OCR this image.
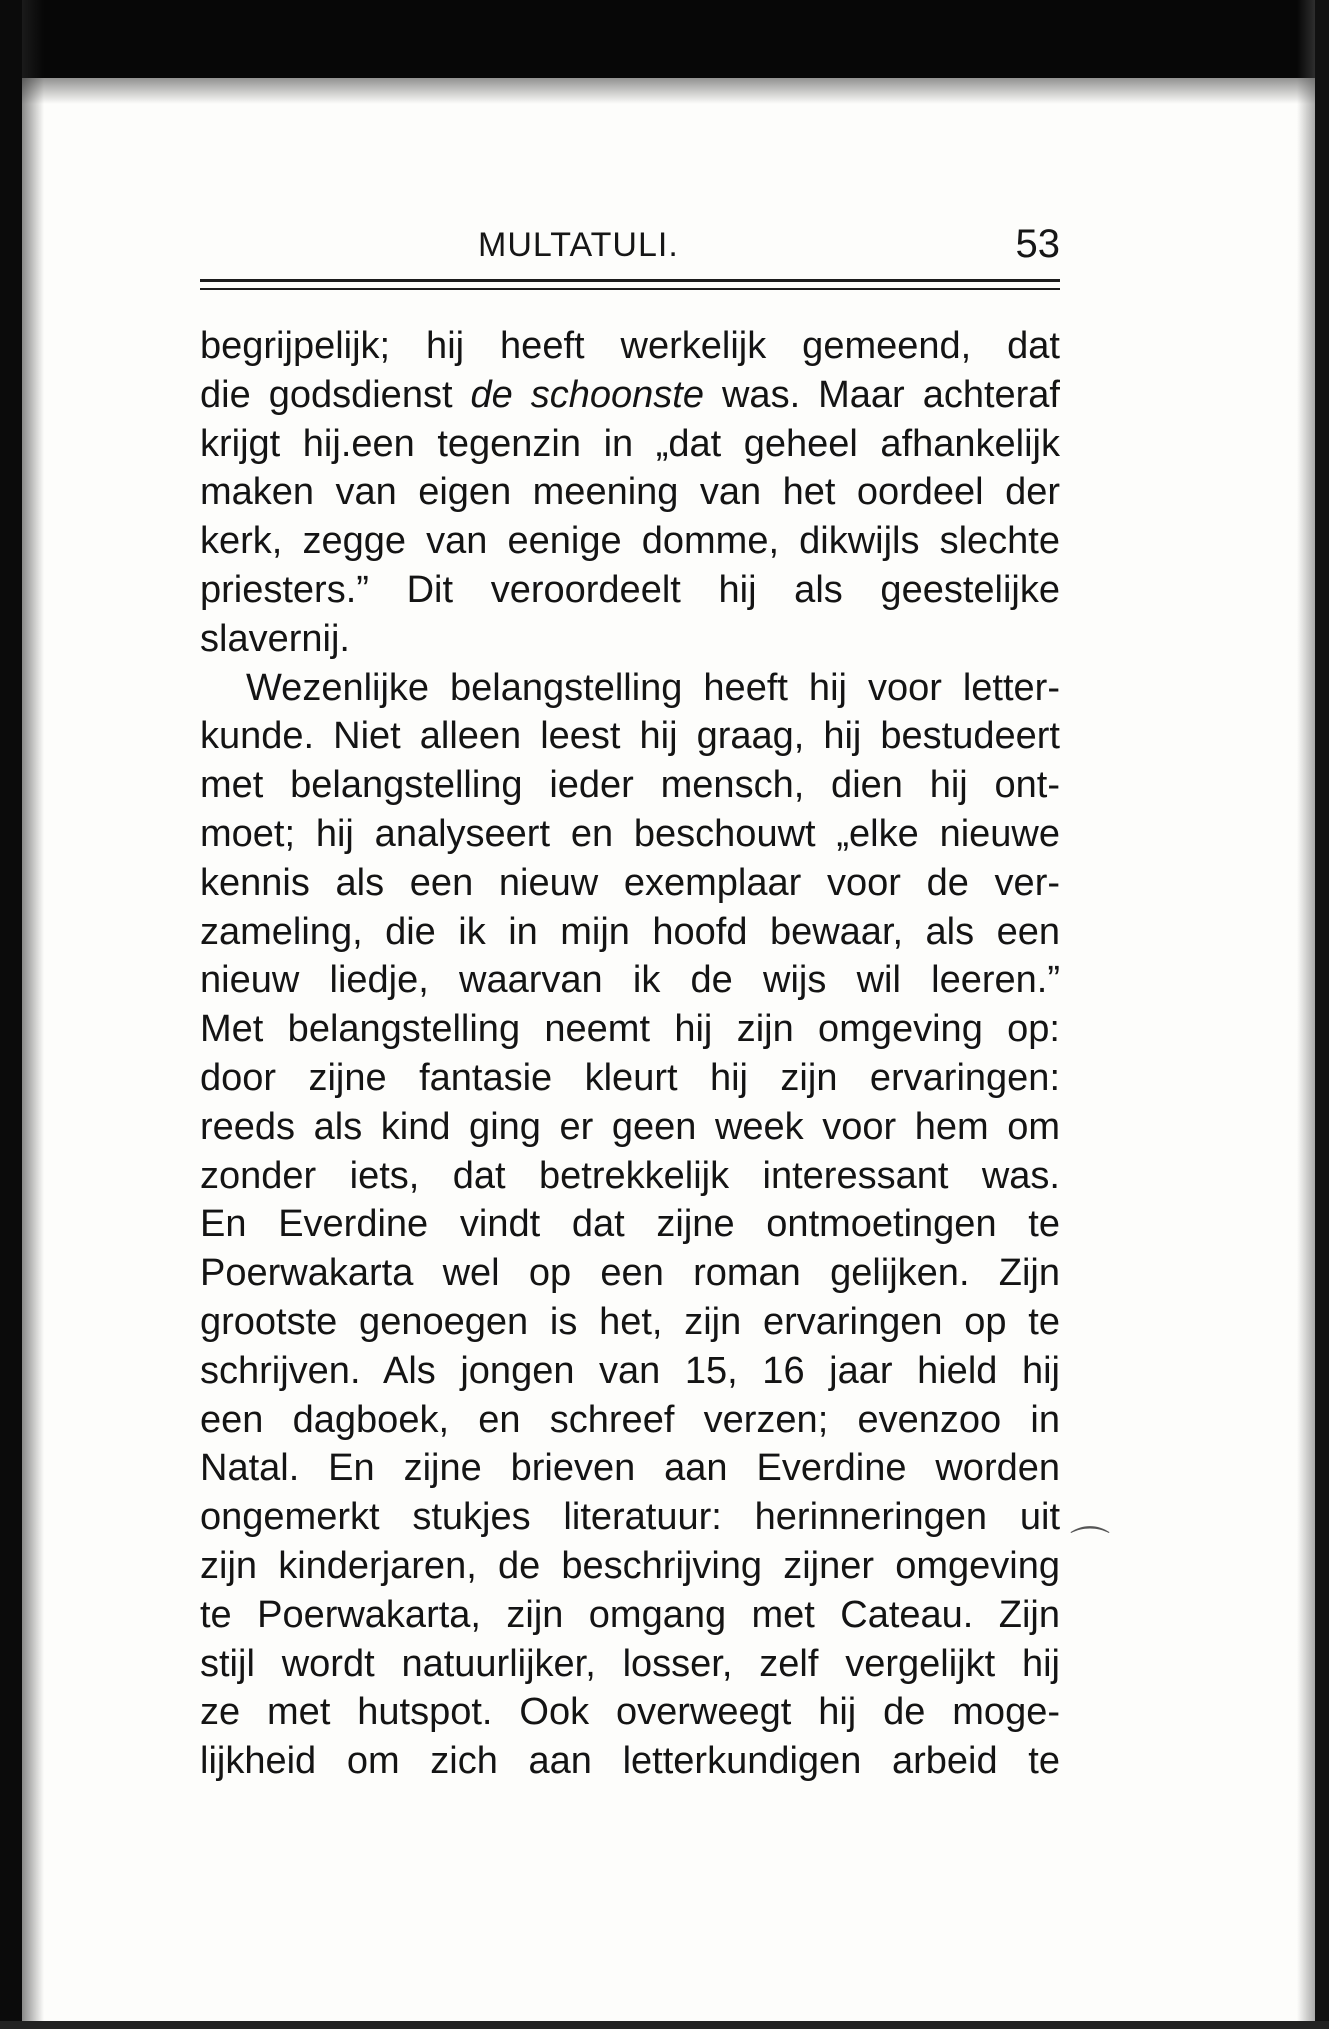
MULTATULI.	53
begrijpelijk; hij heeft werkelijk gemeend, dat
die godsdienst de schoonste was. Maar achteraf
krijgt hij.een tegenzin in „dat geheel afhankelijk
maken van eigen meening van het oordeel der
kerk, zegge van eenige domme, dikwijls slechte
priesters.” Dit veroordeelt hij als geestelijke
slavernij.
Wezenlijke belangstelling heeft hij voor letter-
kunde. Niet alleen leest hij graag, hij bestudeert
met belangstelling ieder mensch, dien hij ont-
moet; hij analyseert en beschouwt „elke nieuwe
kennis als een nieuw exemplaar voor de ver-
zameling, die ik in mijn hoofd bewaar, als een
nieuw liedje, waarvan ik de wijs wil leeren.”
Met belangstelling neemt hij zijn omgeving op:
door zijne fantasie kleurt hij zijn ervaringen:
reeds als kind ging er geen week voor hem om
zonder iets, dat betrekkelijk interessant was.
En Everdine vindt dat zijne ontmoetingen te
Poerwakarta wel op een roman gelijken. Zijn
grootste genoegen is het, zijn ervaringen op te
schrijven. Als jongen van 15, 16 jaar hield hij
een dagboek, en schreef verzen; evenzoo in
Natal. En zijne brieven aan Everdine worden
ongemerkt stukjes literatuur: herinneringen uit
zijn kinderjaren, de beschrijving zijner omgeving
te Poerwakarta, zijn omgang met Cateau. Zijn
stijl wordt natuurlijker, losser, zelf vergelijkt hij
ze met hutspot. Ook overweegt hij de moge-
lijkheid om zich aan letterkundigen arbeid te
⌒
